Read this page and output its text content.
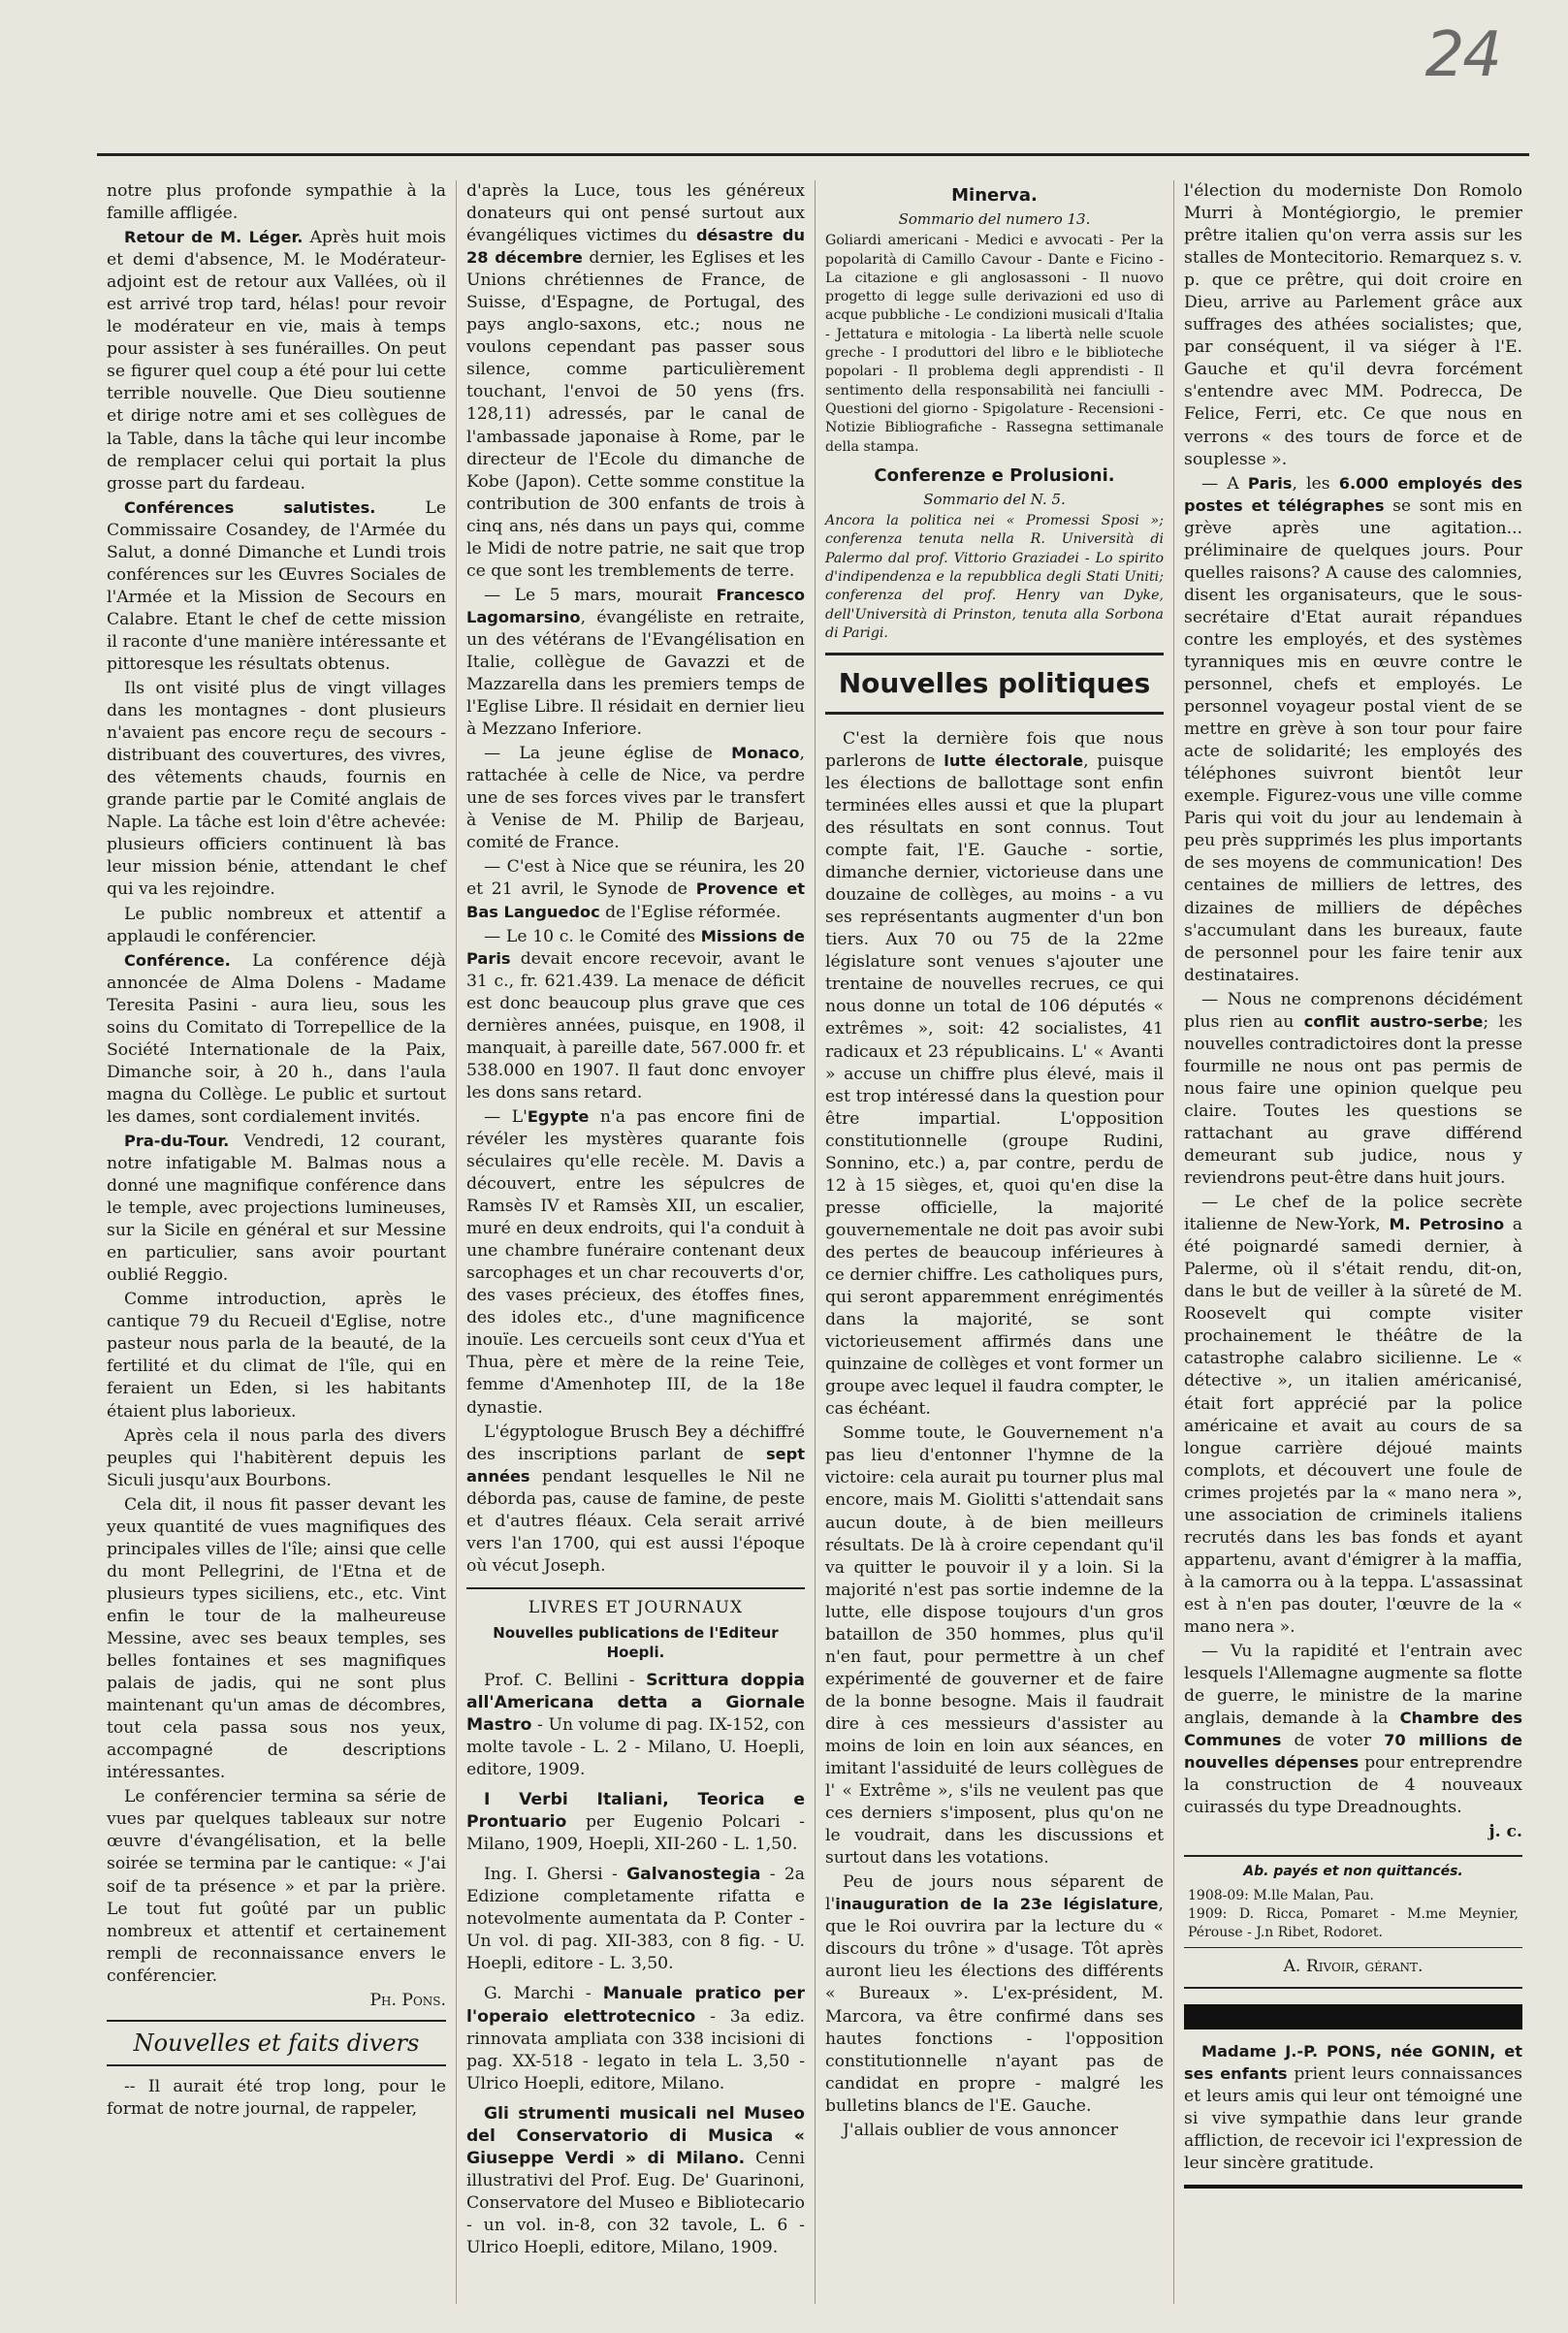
24

notre plus profonde sympathie à la famille affligée.

Retour de M. Léger. Après huit mois et demi d'absence, M. le Modérateur-adjoint est de retour aux Vallées, où il est arrivé trop tard, hélas! pour revoir le modérateur en vie, mais à temps pour assister à ses funérailles. On peut se figurer quel coup a été pour lui cette terrible nouvelle. Que Dieu soutienne et dirige notre ami et ses collègues de la Table, dans la tâche qui leur incombe de remplacer celui qui portait la plus grosse part du fardeau.

Conférences salutistes. Le Commissaire Cosandey, de l'Armée du Salut, a donné Dimanche et Lundi trois conférences sur les Œuvres Sociales de l'Armée et la Mission de Secours en Calabre. Etant le chef de cette mission il raconte d'une manière intéressante et pittoresque les résultats obtenus.

Ils ont visité plus de vingt villages dans les montagnes - dont plusieurs n'avaient pas encore reçu de secours - distribuant des couvertures, des vivres, des vêtements chauds, fournis en grande partie par le Comité anglais de Naple. La tâche est loin d'être achevée: plusieurs officiers continuent là bas leur mission bénie, attendant le chef qui va les rejoindre.

Le public nombreux et attentif a applaudi le conférencier.

Conférence. La conférence déjà annoncée de Alma Dolens - Madame Teresita Pasini - aura lieu, sous les soins du Comitato di Torrepellice de la Société Internationale de la Paix, Dimanche soir, à 20 h., dans l'aula magna du Collège. Le public et surtout les dames, sont cordialement invités.

Pra-du-Tour. Vendredi, 12 courant, notre infatigable M. Balmas nous a donné une magnifique conférence dans le temple, avec projections lumineuses, sur la Sicile en général et sur Messine en particulier, sans avoir pourtant oublié Reggio.

Comme introduction, après le cantique 79 du Recueil d'Eglise, notre pasteur nous parla de la beauté, de la fertilité et du climat de l'île, qui en feraient un Eden, si les habitants étaient plus laborieux.

Après cela il nous parla des divers peuples qui l'habitèrent depuis les Siculi jusqu'aux Bourbons.

Cela dit, il nous fit passer devant les yeux quantité de vues magnifiques des principales villes de l'île; ainsi que celle du mont Pellegrini, de l'Etna et de plusieurs types siciliens, etc., etc. Vint enfin le tour de la malheureuse Messine, avec ses beaux temples, ses belles fontaines et ses magnifiques palais de jadis, qui ne sont plus maintenant qu'un amas de décombres, tout cela passa sous nos yeux, accompagné de descriptions intéressantes.

Le conférencier termina sa série de vues par quelques tableaux sur notre œuvre d'évangélisation, et la belle soirée se termina par le cantique: « J'ai soif de ta présence » et par la prière. Le tout fut goûté par un public nombreux et attentif et certainement rempli de reconnaissance envers le conférencier.

Ph. Pons.
Nouvelles et faits divers

-- Il aurait été trop long, pour le format de notre journal, de rappeler,

d'après la Luce, tous les généreux donateurs qui ont pensé surtout aux évangéliques victimes du désastre du 28 décembre dernier, les Eglises et les Unions chrétiennes de France, de Suisse, d'Espagne, de Portugal, des pays anglo-saxons, etc.; nous ne voulons cependant pas passer sous silence, comme particulièrement touchant, l'envoi de 50 yens (frs. 128,11) adressés, par le canal de l'ambassade japonaise à Rome, par le directeur de l'Ecole du dimanche de Kobe (Japon). Cette somme constitue la contribution de 300 enfants de trois à cinq ans, nés dans un pays qui, comme le Midi de notre patrie, ne sait que trop ce que sont les tremblements de terre.

— Le 5 mars, mourait Francesco Lagomarsino, évangéliste en retraite, un des vétérans de l'Evangélisation en Italie, collègue de Gavazzi et de Mazzarella dans les premiers temps de l'Eglise Libre. Il résidait en dernier lieu à Mezzano Inferiore.

— La jeune église de Monaco, rattachée à celle de Nice, va perdre une de ses forces vives par le transfert à Venise de M. Philip de Barjeau, comité de France.

— C'est à Nice que se réunira, les 20 et 21 avril, le Synode de Provence et Bas Languedoc de l'Eglise réformée.

— Le 10 c. le Comité des Missions de Paris devait encore recevoir, avant le 31 c., fr. 621.439. La menace de déficit est donc beaucoup plus grave que ces dernières années, puisque, en 1908, il manquait, à pareille date, 567.000 fr. et 538.000 en 1907. Il faut donc envoyer les dons sans retard.

— L'Egypte n'a pas encore fini de révéler les mystères quarante fois séculaires qu'elle recèle. M. Davis a découvert, entre les sépulcres de Ramsès IV et Ramsès XII, un escalier, muré en deux endroits, qui l'a conduit à une chambre funéraire contenant deux sarcophages et un char recouverts d'or, des vases précieux, des étoffes fines, des idoles etc., d'une magnificence inouïe. Les cercueils sont ceux d'Yua et Thua, père et mère de la reine Teie, femme d'Amenhotep III, de la 18e dynastie.

L'égyptologue Brusch Bey a déchiffré des inscriptions parlant de sept années pendant lesquelles le Nil ne déborda pas, cause de famine, de peste et d'autres fléaux. Cela serait arrivé vers l'an 1700, qui est aussi l'époque où vécut Joseph.

LIVRES ET JOURNAUX
Nouvelles publications de l'Editeur Hoepli.
Prof. C. Bellini - Scrittura doppia all'Americana detta a Giornale Mastro - Un volume di pag. IX-152, con molte tavole - L. 2 - Milano, U. Hoepli, editore, 1909.
I Verbi Italiani, Teorica e Prontuario per Eugenio Polcari - Milano, 1909, Hoepli, XII-260 - L. 1,50.
Ing. I. Ghersi - Galvanostegia - 2a Edizione completamente rifatta e notevolmente aumentata da P. Conter - Un vol. di pag. XII-383, con 8 fig. - U. Hoepli, editore - L. 3,50.
G. Marchi - Manuale pratico per l'operaio elettrotecnico - 3a ediz. rinnovata ampliata con 338 incisioni di pag. XX-518 - legato in tela L. 3,50 - Ulrico Hoepli, editore, Milano.
Gli strumenti musicali nel Museo del Conservatorio di Musica « Giuseppe Verdi » di Milano. Cenni illustrativi del Prof. Eug. De' Guarinoni, Conservatore del Museo e Bibliotecario - un vol. in-8, con 32 tavole, L. 6 - Ulrico Hoepli, editore, Milano, 1909.
Minerva.
Sommario del numero 13.
Goliardi americani - Medici e avvocati - Per la popolarità di Camillo Cavour - Dante e Ficino - La citazione e gli anglosassoni - Il nuovo progetto di legge sulle derivazioni ed uso di acque pubbliche - Le condizioni musicali d'Italia - Jettatura e mitologia - La libertà nelle scuole greche - I produttori del libro e le biblioteche popolari - Il problema degli apprendisti - Il sentimento della responsabilità nei fanciulli - Questioni del giorno - Spigolature - Recensioni - Notizie Bibliografiche - Rassegna settimanale della stampa.
Conferenze e Prolusioni.
Sommario del N. 5.
Ancora la politica nei « Promessi Sposi »; conferenza tenuta nella R. Università di Palermo dal prof. Vittorio Graziadei - Lo spirito d'indipendenza e la repubblica degli Stati Uniti; conferenza del prof. Henry van Dyke, dell'Università di Prinston, tenuta alla Sorbona di Parigi.
Nouvelles politiques

C'est la dernière fois que nous parlerons de lutte électorale, puisque les élections de ballottage sont enfin terminées elles aussi et que la plupart des résultats en sont connus. Tout compte fait, l'E. Gauche - sortie, dimanche dernier, victorieuse dans une douzaine de collèges, au moins - a vu ses représentants augmenter d'un bon tiers. Aux 70 ou 75 de la 22me législature sont venues s'ajouter une trentaine de nouvelles recrues, ce qui nous donne un total de 106 députés « extrêmes », soit: 42 socialistes, 41 radicaux et 23 républicains. L' « Avanti » accuse un chiffre plus élevé, mais il est trop intéressé dans la question pour être impartial. L'opposition constitutionnelle (groupe Rudini, Sonnino, etc.) a, par contre, perdu de 12 à 15 sièges, et, quoi qu'en dise la presse officielle, la majorité gouvernementale ne doit pas avoir subi des pertes de beaucoup inférieures à ce dernier chiffre. Les catholiques purs, qui seront apparemment enrégimentés dans la majorité, se sont victorieusement affirmés dans une quinzaine de collèges et vont former un groupe avec lequel il faudra compter, le cas échéant.

Somme toute, le Gouvernement n'a pas lieu d'entonner l'hymne de la victoire: cela aurait pu tourner plus mal encore, mais M. Giolitti s'attendait sans aucun doute, à de bien meilleurs résultats. De là à croire cependant qu'il va quitter le pouvoir il y a loin. Si la majorité n'est pas sortie indemne de la lutte, elle dispose toujours d'un gros bataillon de 350 hommes, plus qu'il n'en faut, pour permettre à un chef expérimenté de gouverner et de faire de la bonne besogne. Mais il faudrait dire à ces messieurs d'assister au moins de loin en loin aux séances, en imitant l'assiduité de leurs collègues de l' « Extrême », s'ils ne veulent pas que ces derniers s'imposent, plus qu'on ne le voudrait, dans les discussions et surtout dans les votations.

Peu de jours nous séparent de l'inauguration de la 23e législature, que le Roi ouvrira par la lecture du « discours du trône » d'usage. Tôt après auront lieu les élections des différents « Bureaux ». L'ex-président, M. Marcora, va être confirmé dans ses hautes fonctions - l'opposition constitutionnelle n'ayant pas de candidat en propre - malgré les bulletins blancs de l'E. Gauche.

J'allais oublier de vous annoncer

l'élection du moderniste Don Romolo Murri à Montégiorgio, le premier prêtre italien qu'on verra assis sur les stalles de Montecitorio. Remarquez s. v. p. que ce prêtre, qui doit croire en Dieu, arrive au Parlement grâce aux suffrages des athées socialistes; que, par conséquent, il va siéger à l'E. Gauche et qu'il devra forcément s'entendre avec MM. Podrecca, De Felice, Ferri, etc. Ce que nous en verrons « des tours de force et de souplesse ».

— A Paris, les 6.000 employés des postes et télégraphes se sont mis en grève après une agitation... préliminaire de quelques jours. Pour quelles raisons? A cause des calomnies, disent les organisateurs, que le sous-secrétaire d'Etat aurait répandues contre les employés, et des systèmes tyranniques mis en œuvre contre le personnel, chefs et employés. Le personnel voyageur postal vient de se mettre en grève à son tour pour faire acte de solidarité; les employés des téléphones suivront bientôt leur exemple. Figurez-vous une ville comme Paris qui voit du jour au lendemain à peu près supprimés les plus importants de ses moyens de communication! Des centaines de milliers de lettres, des dizaines de milliers de dépêches s'accumulant dans les bureaux, faute de personnel pour les faire tenir aux destinataires.

— Nous ne comprenons décidément plus rien au conflit austro-serbe; les nouvelles contradictoires dont la presse fourmille ne nous ont pas permis de nous faire une opinion quelque peu claire. Toutes les questions se rattachant au grave différend demeurant sub judice, nous y reviendrons peut-être dans huit jours.

— Le chef de la police secrète italienne de New-York, M. Petrosino a été poignardé samedi dernier, à Palerme, où il s'était rendu, dit-on, dans le but de veiller à la sûreté de M. Roosevelt qui compte visiter prochainement le théâtre de la catastrophe calabro sicilienne. Le « détective », un italien américanisé, était fort apprécié par la police américaine et avait au cours de sa longue carrière déjoué maints complots, et découvert une foule de crimes projetés par la « mano nera », une association de criminels italiens recrutés dans les bas fonds et ayant appartenu, avant d'émigrer à la maffia, à la camorra ou à la teppa. L'assassinat est à n'en pas douter, l'œuvre de la « mano nera ».

— Vu la rapidité et l'entrain avec lesquels l'Allemagne augmente sa flotte de guerre, le ministre de la marine anglais, demande à la Chambre des Communes de voter 70 millions de nouvelles dépenses pour entreprendre la construction de 4 nouveaux cuirassés du type Dreadnoughts.

j. c.
Ab. payés et non quittancés.
1908-09: M.lle Malan, Pau.
1909: D. Ricca, Pomaret - M.me Meynier, Pérouse - J.n Ribet, Rodoret.
A. Rivoir, gérant.

Madame J.-P. PONS, née GONIN, et ses enfants prient leurs connaissances et leurs amis qui leur ont témoigné une si vive sympathie dans leur grande affliction, de recevoir ici l'expression de leur sincère gratitude.
